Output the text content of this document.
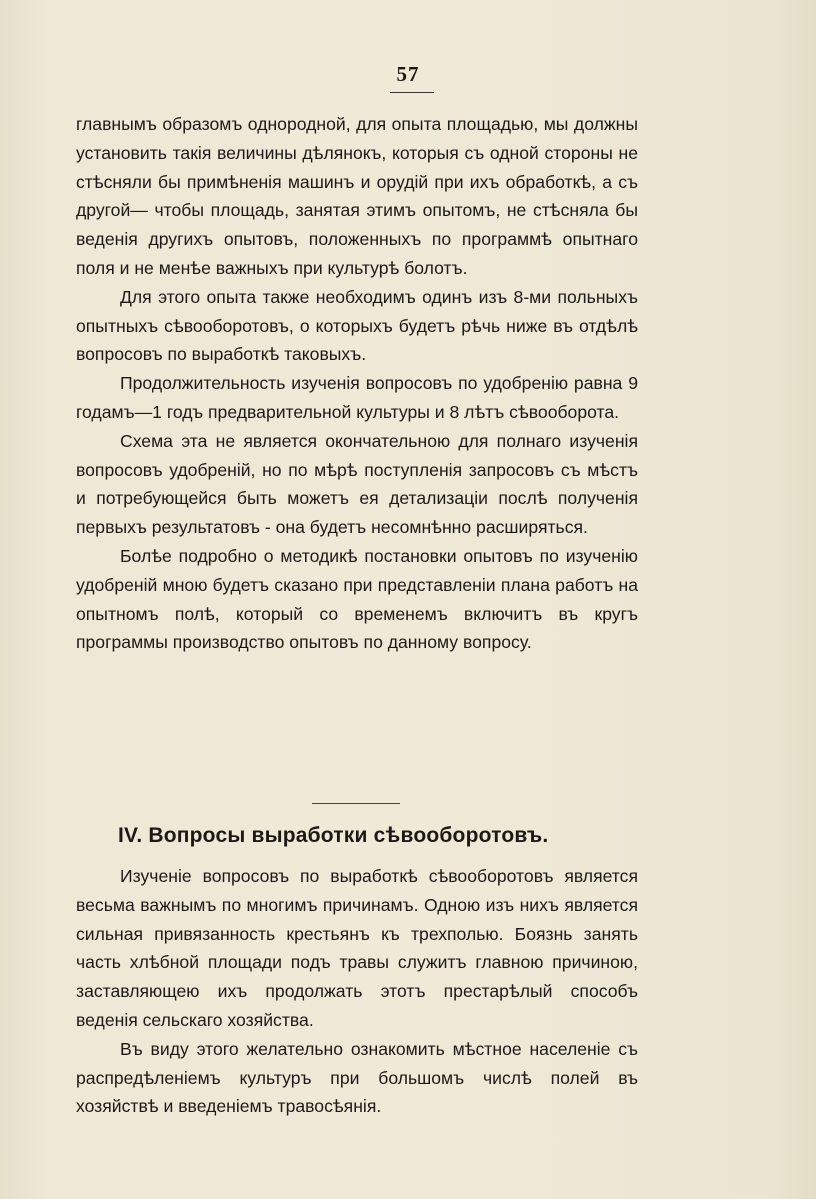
57

главнымъ образомъ однородной, для опыта площадью, мы должны установить такія величины дѣлянокъ, которыя съ одной стороны не стѣсняли бы примѣненія машинъ и орудій при ихъ обработкѣ, а съ другой— чтобы площадь, занятая этимъ опытомъ, не стѣсняла бы веденія другихъ опытовъ, положенныхъ по программѣ опытнаго поля и не менѣе важныхъ при культурѣ болотъ.

Для этого опыта также необходимъ одинъ изъ 8-ми польныхъ опытныхъ сѣвооборотовъ, о которыхъ будетъ рѣчь ниже въ отдѣлѣ вопросовъ по вырaботкѣ таковыхъ.

Продолжительность изученія вопросовъ по удобренію равна 9 годамъ—1 годъ предварительной культуры и 8 лѣтъ сѣвооборота.

Схема эта не является окончательною для полнаго изученія вопросовъ удобреній, но по мѣрѣ поступленія запросовъ съ мѣстъ и потребующейся быть можетъ ея детализаціи послѣ полученія первыхъ результатовъ - она будетъ несомнѣнно расширяться.

Болѣе подробно о методикѣ постановки опытовъ по изученію удобреній мною будетъ сказано при представленіи плана работъ на опытномъ полѣ, который со временемъ включитъ въ кругъ программы производство опытовъ по данному вопросу.

IV. Вопросы выработки сѣвооборотовъ.

Изученіе вопросовъ по выработкѣ сѣвооборотовъ является весьма важнымъ по многимъ причинамъ. Одною изъ нихъ является сильная привязанность крестьянъ къ трехполью. Боязнь занять часть хлѣбной площади подъ травы служитъ главною причиною, заставляющею ихъ продолжать этотъ престарѣлый способъ веденія сельскаго хозяйства.

Въ виду этого желательно ознакомить мѣстное населеніе съ распредѣленіемъ культуръ при большомъ числѣ полей въ хозяйствѣ и введеніемъ травосѣянія.
